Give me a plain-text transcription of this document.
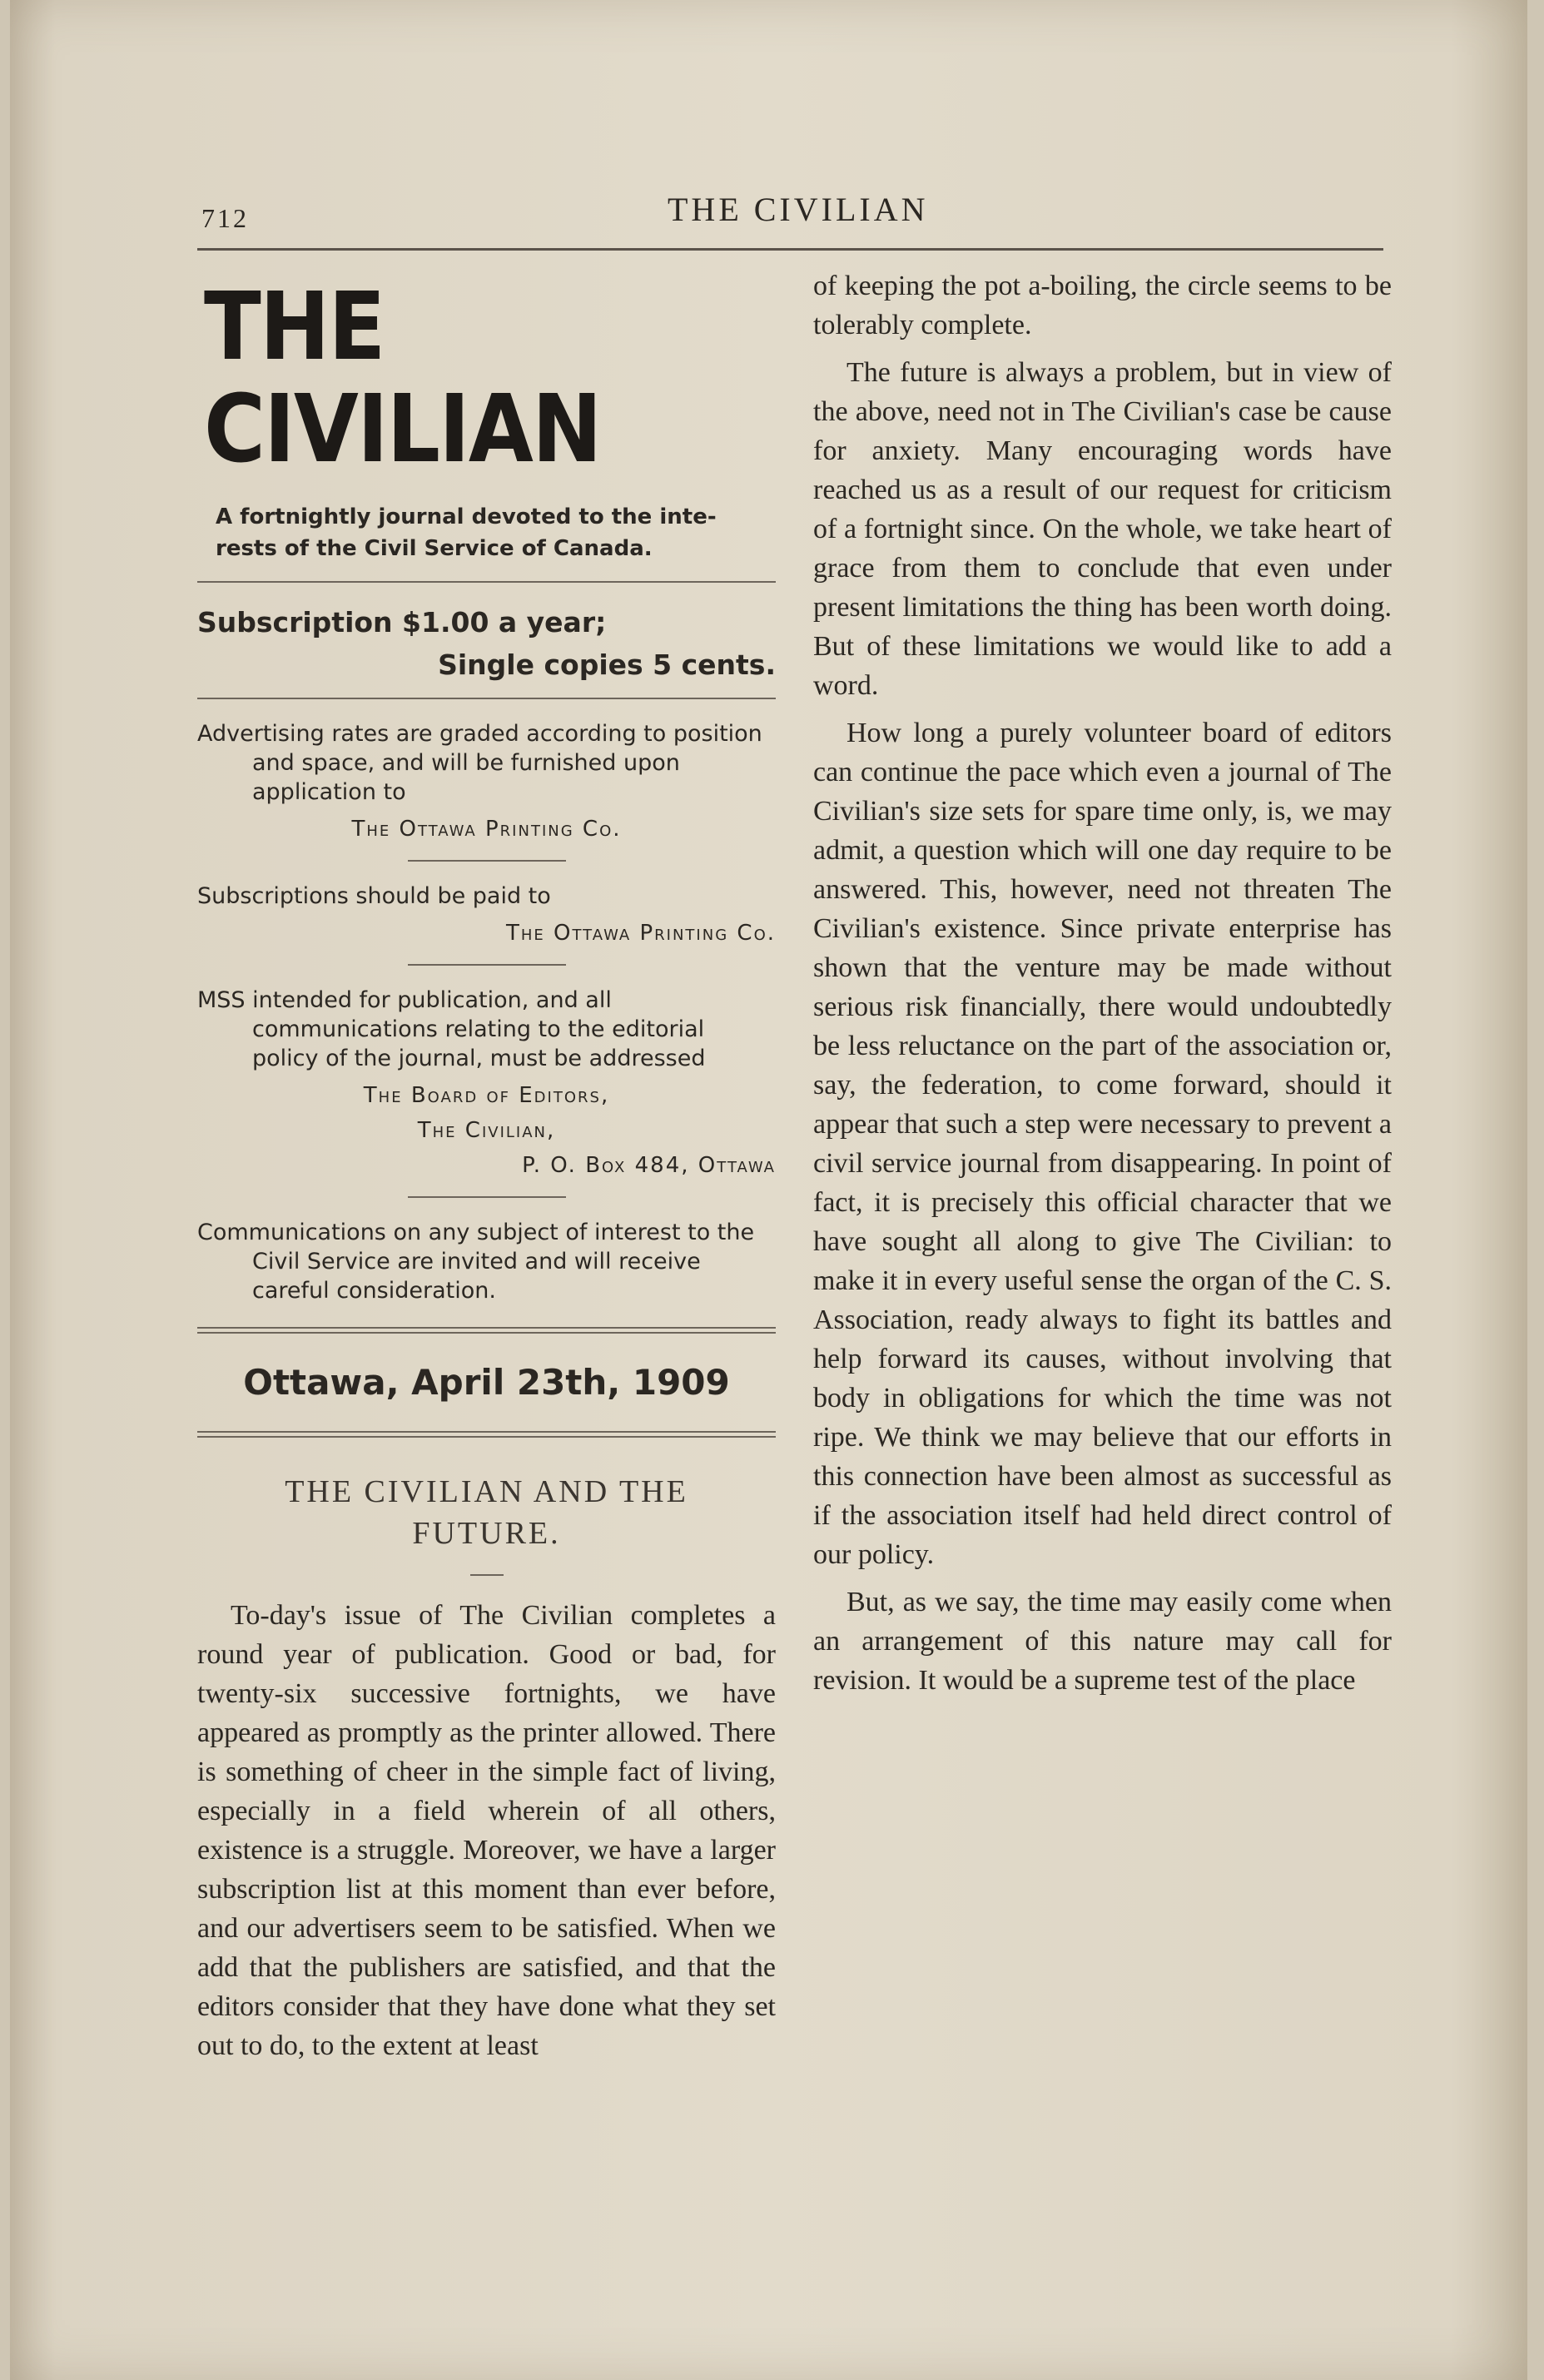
712	THE CIVILIAN
THE CIVILIAN
A fortnightly journal devoted to the inte-
rests of the Civil Service of Canada.
Subscription $1.00 a year;
Single copies 5 cents.
Advertising rates are graded according to position and space, and will be furnished upon application to
The Ottawa Printing Co.
Subscriptions should be paid to
The Ottawa Printing Co.
MSS intended for publication, and all communications relating to the editorial policy of the journal, must be addressed
The Board of Editors,
The Civilian,
P. O. Box 484, Ottawa
Communications on any subject of interest to the Civil Service are invited and will receive careful consideration.
Ottawa, April 23th, 1909
THE CIVILIAN AND THE
FUTURE.

To-day's issue of The Civilian completes a round year of publication. Good or bad, for twenty-six successive fortnights, we have appeared as promptly as the printer allowed. There is something of cheer in the simple fact of living, especially in a field wherein of all others, existence is a struggle. Moreover, we have a larger subscription list at this moment than ever before, and our advertisers seem to be satisfied. When we add that the publishers are satisfied, and that the editors consider that they have done what they set out to do, to the extent at least

of keeping the pot a-boiling, the circle seems to be tolerably complete.

The future is always a problem, but in view of the above, need not in The Civilian's case be cause for anxiety. Many encouraging words have reached us as a result of our request for criticism of a fortnight since. On the whole, we take heart of grace from them to conclude that even under present limitations the thing has been worth doing. But of these limitations we would like to add a word.

How long a purely volunteer board of editors can continue the pace which even a journal of The Civilian's size sets for spare time only, is, we may admit, a question which will one day require to be answered. This, however, need not threaten The Civilian's existence. Since private enterprise has shown that the venture may be made without serious risk financially, there would undoubtedly be less reluctance on the part of the association or, say, the federation, to come forward, should it appear that such a step were necessary to prevent a civil service journal from disappearing. In point of fact, it is precisely this official character that we have sought all along to give The Civilian: to make it in every useful sense the organ of the C. S. Association, ready always to fight its battles and help forward its causes, without involving that body in obligations for which the time was not ripe. We think we may believe that our efforts in this connection have been almost as successful as if the association itself had held direct control of our policy.

But, as we say, the time may easily come when an arrangement of this nature may call for revision. It would be a supreme test of the place
